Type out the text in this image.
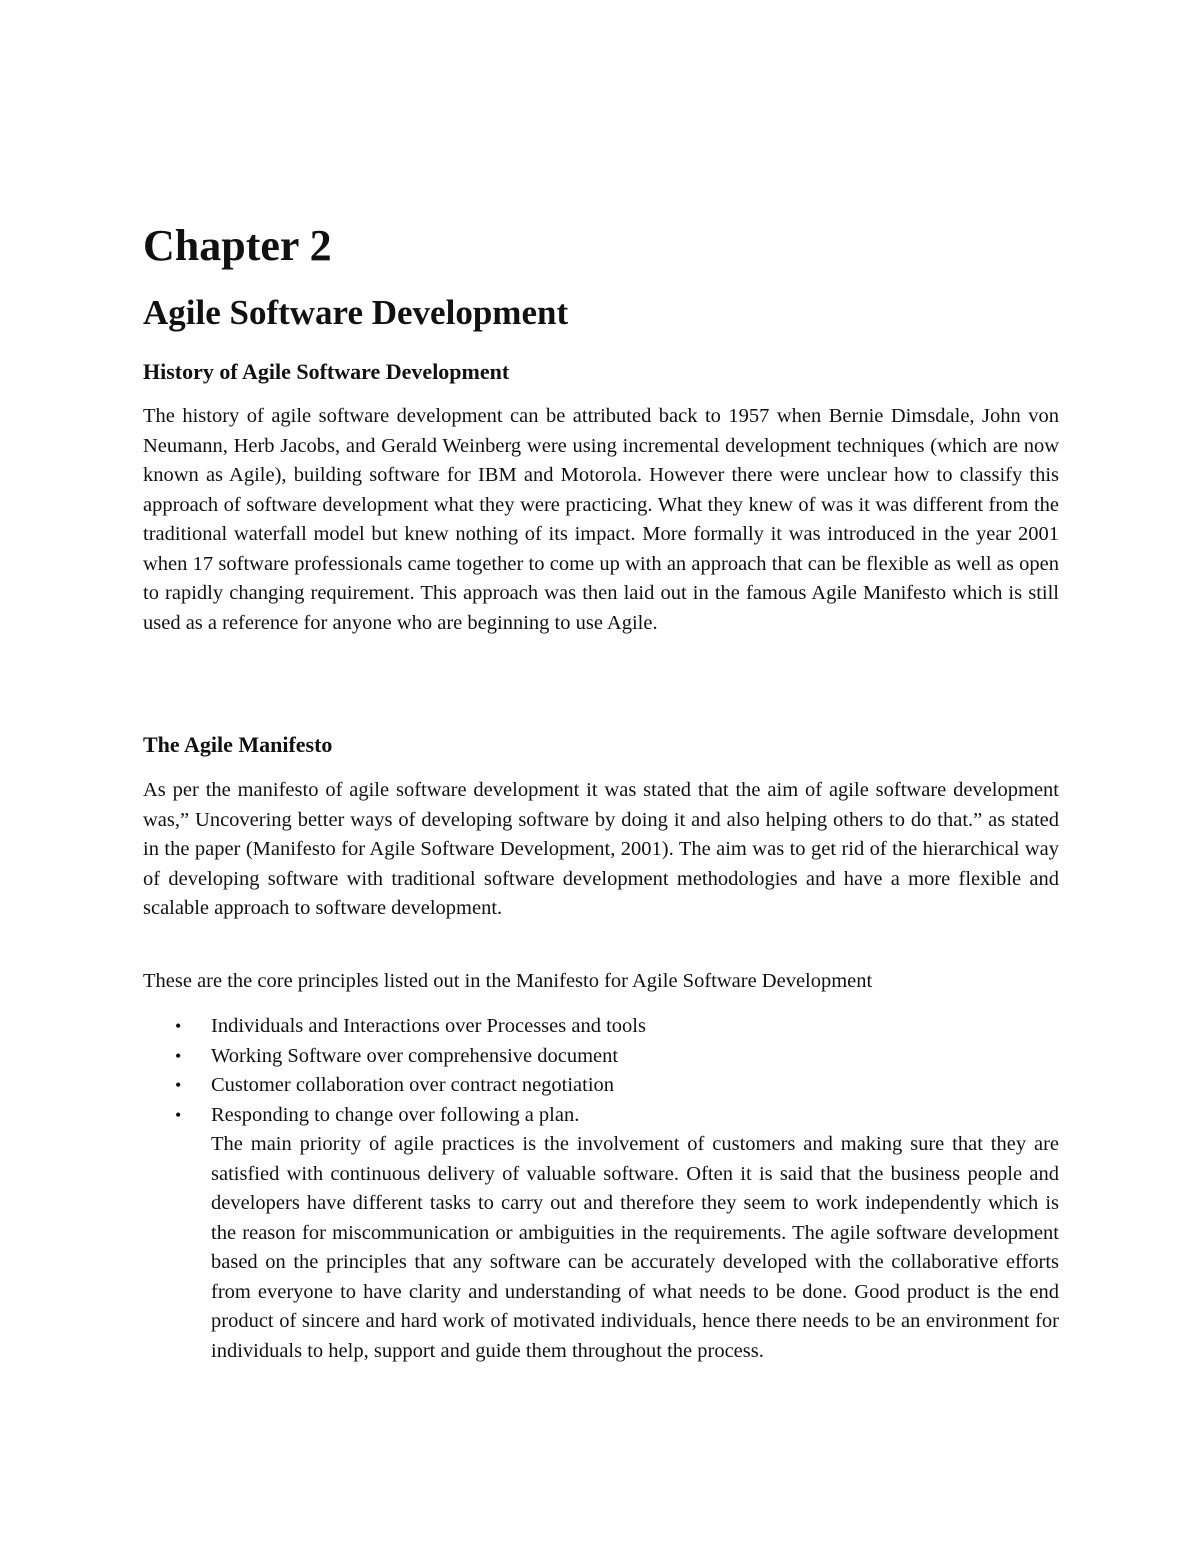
Chapter 2
Agile Software Development
History of Agile Software Development

The history of agile software development can be attributed back to 1957 when Bernie Dimsdale, John von Neumann, Herb Jacobs, and Gerald Weinberg were using incremental development techniques (which are now known as Agile), building software for IBM and Motorola. However there were unclear how to classify this approach of software development what they were practicing. What they knew of was it was different from the traditional waterfall model but knew nothing of its impact. More formally it was introduced in the year 2001 when 17 software professionals came together to come up with an approach that can be flexible as well as open to rapidly changing requirement. This approach was then laid out in the famous Agile Manifesto which is still used as a reference for anyone who are beginning to use Agile.

The Agile Manifesto

As per the manifesto of agile software development it was stated that the aim of agile software development was,” Uncovering better ways of developing software by doing it and also helping others to do that.” as stated in the paper (Manifesto for Agile Software Development, 2001). The aim was to get rid of the hierarchical way of developing software with traditional software development methodologies and have a more flexible and scalable approach to software development.

These are the core principles listed out in the Manifesto for Agile Software Development

• Individuals and Interactions over Processes and tools
• Working Software over comprehensive document
• Customer collaboration over contract negotiation
• Responding to change over following a plan.
The main priority of agile practices is the involvement of customers and making sure that they are satisfied with continuous delivery of valuable software. Often it is said that the business people and developers have different tasks to carry out and therefore they seem to work independently which is the reason for miscommunication or ambiguities in the requirements. The agile software development based on the principles that any software can be accurately developed with the collaborative efforts from everyone to have clarity and understanding of what needs to be done. Good product is the end product of sincere and hard work of motivated individuals, hence there needs to be an environment for individuals to help, support and guide them throughout the process.
